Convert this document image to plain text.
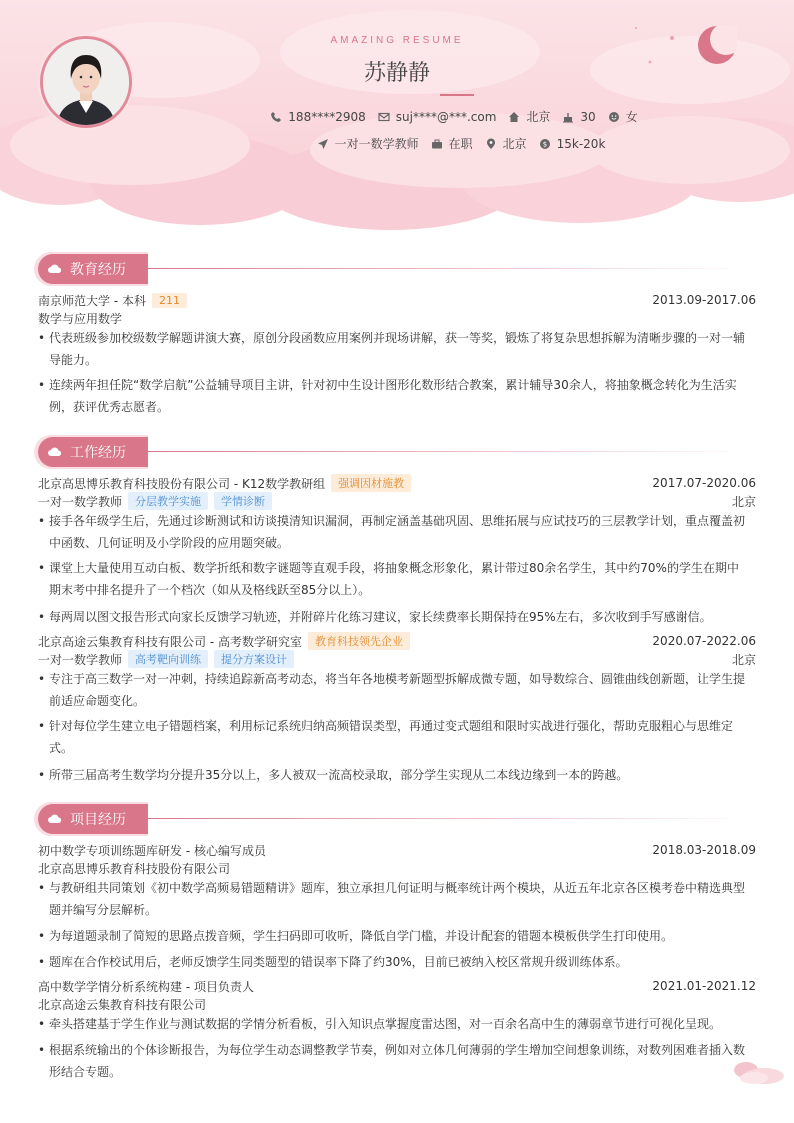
AMAZING RESUME
苏静静
188****2908	suj****@***.com	北京	30	女
一对一数学教师	在职	北京 $ 15k-20k
教育经历
南京师范大学 - 本科	211	2013.09-2017.06
数学与应用数学
• 代表班级参加校级数学解题讲演大赛，原创分段函数应用案例并现场讲解，获一等奖，锻炼了将复杂思想拆解为清晰步骤的一对一辅导能力。
• 连续两年担任院“数学启航”公益辅导项目主讲，针对初中生设计图形化数形结合教案，累计辅导30余人，将抽象概念转化为生活实例，获评优秀志愿者。
工作经历
北京高思博乐教育科技股份有限公司 - K12数学教研组	强调因材施教	2017.07-2020.06
一对一数学教师	分层教学实施	学情诊断	北京
• 接手各年级学生后，先通过诊断测试和访谈摸清知识漏洞，再制定涵盖基础巩固、思维拓展与应试技巧的三层教学计划，重点覆盖初中函数、几何证明及小学阶段的应用题突破。
• 课堂上大量使用互动白板、数学折纸和数字谜题等直观手段，将抽象概念形象化，累计带过80余名学生，其中约70%的学生在期中期末考中排名提升了一个档次（如从及格线跃至85分以上）。
• 每两周以图文报告形式向家长反馈学习轨迹，并附碎片化练习建议，家长续费率长期保持在95%左右，多次收到手写感谢信。
北京高途云集教育科技有限公司 - 高考数学研究室	教育科技领先企业	2020.07-2022.06
一对一数学教师	高考靶向训练	提分方案设计	北京
• 专注于高三数学一对一冲刺，持续追踪新高考动态，将当年各地模考新题型拆解成微专题，如导数综合、圆锥曲线创新题，让学生提前适应命题变化。
• 针对每位学生建立电子错题档案，利用标记系统归纳高频错误类型，再通过变式题组和限时实战进行强化，帮助克服粗心与思维定式。
• 所带三届高考生数学均分提升35分以上，多人被双一流高校录取，部分学生实现从二本线边缘到一本的跨越。
项目经历
初中数学专项训练题库研发 - 核心编写成员	2018.03-2018.09
北京高思博乐教育科技股份有限公司
• 与教研组共同策划《初中数学高频易错题精讲》题库，独立承担几何证明与概率统计两个模块，从近五年北京各区模考卷中精选典型题并编写分层解析。
• 为每道题录制了简短的思路点拨音频，学生扫码即可收听，降低自学门槛，并设计配套的错题本模板供学生打印使用。
• 题库在合作校试用后，老师反馈学生同类题型的错误率下降了约30%，目前已被纳入校区常规升级训练体系。
高中数学学情分析系统构建 - 项目负责人	2021.01-2021.12
北京高途云集教育科技有限公司
• 牵头搭建基于学生作业与测试数据的学情分析看板，引入知识点掌握度雷达图，对一百余名高中生的薄弱章节进行可视化呈现。
• 根据系统输出的个体诊断报告，为每位学生动态调整教学节奏，例如对立体几何薄弱的学生增加空间想象训练，对数列困难者插入数形结合专题。
